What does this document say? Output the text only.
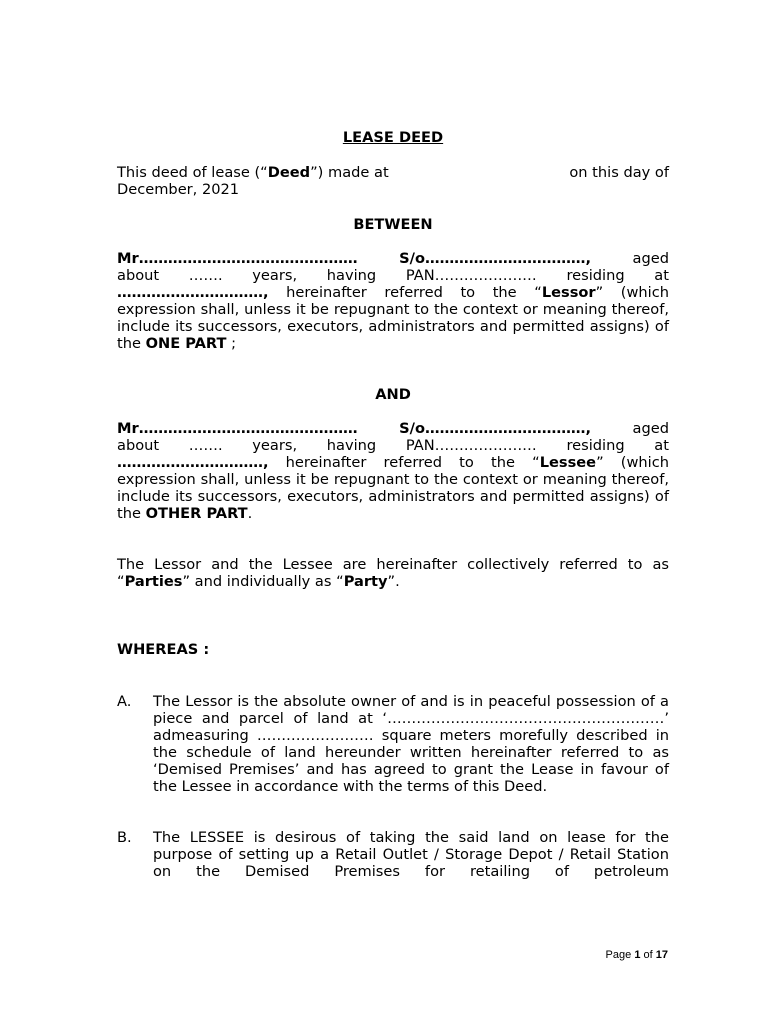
LEASE DEED
This deed of lease (“Deed”) made at	on this day of
December, 2021
BETWEEN
Mr………………………………………	S/o……………………………,	aged
about ……. years, having PAN………………… residing at

…………………………, hereinafter referred to the “Lessor” (which expression shall, unless it be repugnant to the context or meaning thereof, include its successors, executors, administrators and permitted assigns) of the ONE PART ;

AND
Mr………………………………………	S/o……………………………,	aged
about ……. years, having PAN………………… residing at

…………………………, hereinafter referred to the “Lessee” (which expression shall, unless it be repugnant to the context or meaning thereof, include its successors, executors, administrators and permitted assigns) of the OTHER PART.

The Lessor and the Lessee are hereinafter collectively referred to as “Parties” and individually as “Party”.

WHEREAS :
A. The Lessor is the absolute owner of and is in peaceful possession of a piece and parcel of land at ‘…………………………………………………’ admeasuring …………………… square meters morefully described in the schedule of land hereunder written hereinafter referred to as ‘Demised Premises’ and has agreed to grant the Lease in favour of the Lessee in accordance with the terms of this Deed.
B. The LESSEE is desirous of taking the said land on lease for the purpose of setting up a Retail Outlet / Storage Depot / Retail Station on the Demised Premises for retailing of petroleum
Page 1 of 17
